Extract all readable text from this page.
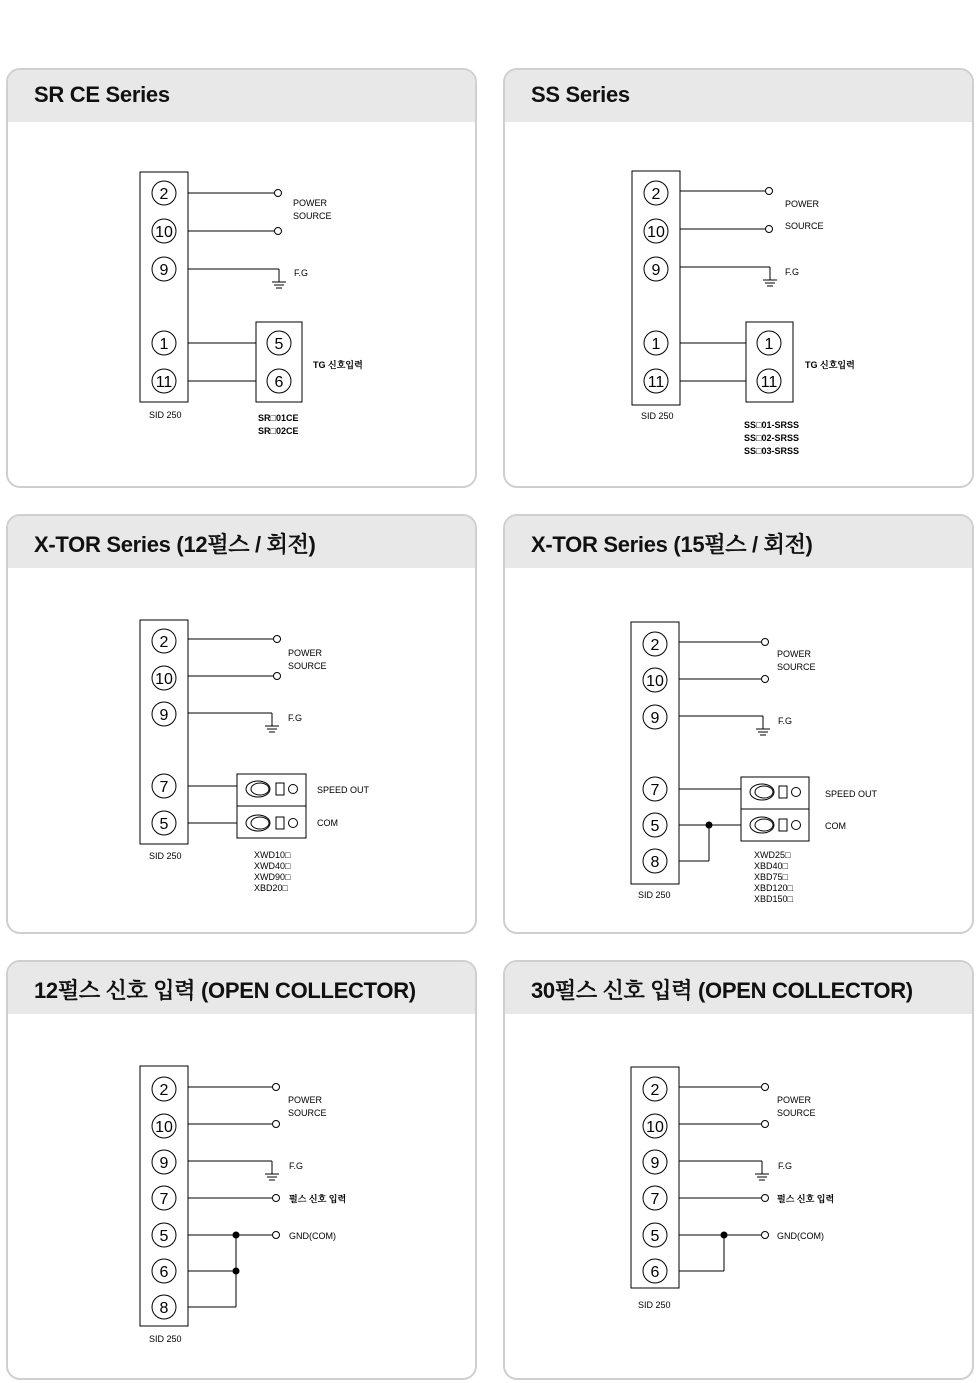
SR CE Series
2
10
9
1
11
SID 250
POWER
SOURCE
F.G
5
6
TG 신호입력
SR□01CE
SR□02CE
SS Series
2
10
9
1
11
SID 250
POWER
SOURCE
F.G
1
11
TG 신호입력
SS□01-SRSS
SS□02-SRSS
SS□03-SRSS
X-TOR Series (12펄스 / 회전)
2
10
9
7
5
SID 250
POWER
SOURCE
F.G
SPEED OUT
COM
XWD10□
XWD40□
XWD90□
XBD20□
X-TOR Series (15펄스 / 회전)
2
10
9
7
5
8
SID 250
POWER
SOURCE
F.G
SPEED OUT
COM
XWD25□
XBD40□
XBD75□
XBD120□
XBD150□
12펄스 신호 입력 (OPEN COLLECTOR)
2
10
9
7
5
6
8
SID 250
POWER
SOURCE
F.G
펄스 신호 입력
GND(COM)
30펄스 신호 입력 (OPEN COLLECTOR)
2
10
9
7
5
6
SID 250
POWER
SOURCE
F.G
펄스 신호 입력
GND(COM)
